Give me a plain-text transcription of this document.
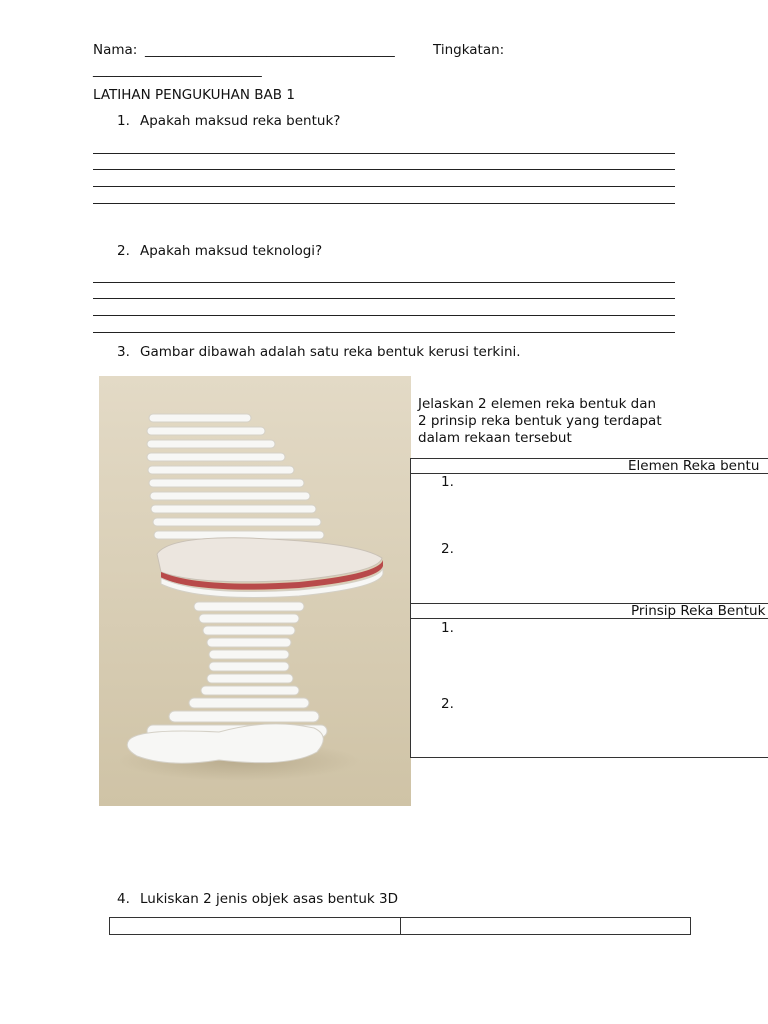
Nama: _____________________________________	Tingkatan:
_________________________
LATIHAN PENGUKUHAN BAB 1
1. Apakah maksud reka bentuk?
2. Apakah maksud teknologi?
3. Gambar dibawah adalah satu reka bentuk kerusi terkini.
Jelaskan 2 elemen reka bentuk dan
2 prinsip reka bentuk yang terdapat
dalam rekaan tersebut
Elemen Reka bentu
1.
2.
Prinsip Reka Bentuk
1.
2.
4. Lukiskan 2 jenis objek asas bentuk 3D
